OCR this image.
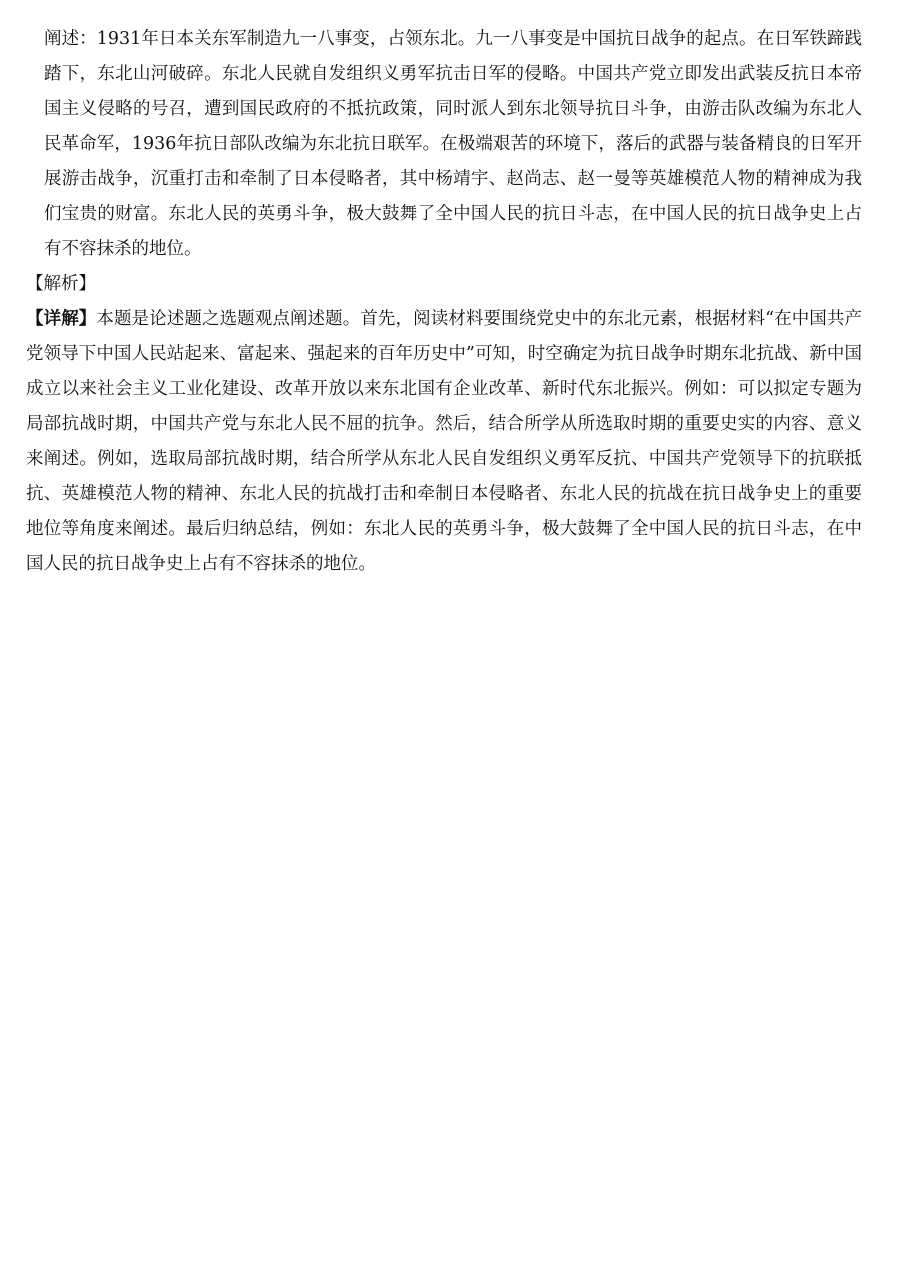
阐述：1931年日本关东军制造九一八事变，占领东北。九一八事变是中国抗日战争的起点。在日军铁蹄践踏下，东北山河破碎。东北人民就自发组织义勇军抗击日军的侵略。中国共产党立即发出武装反抗日本帝国主义侵略的号召，遭到国民政府的不抵抗政策，同时派人到东北领导抗日斗争，由游击队改编为东北人民革命军，1936年抗日部队改编为东北抗日联军。在极端艰苦的环境下，落后的武器与装备精良的日军开展游击战争，沉重打击和牵制了日本侵略者，其中杨靖宇、赵尚志、赵一曼等英雄模范人物的精神成为我们宝贵的财富。东北人民的英勇斗争，极大鼓舞了全中国人民的抗日斗志，在中国人民的抗日战争史上占有不容抹杀的地位。

【解析】

【详解】本题是论述题之选题观点阐述题。首先，阅读材料要围绕党史中的东北元素，根据材料“在中国共产党领导下中国人民站起来、富起来、强起来的百年历史中”可知，时空确定为抗日战争时期东北抗战、新中国成立以来社会主义工业化建设、改革开放以来东北国有企业改革、新时代东北振兴。例如：可以拟定专题为局部抗战时期，中国共产党与东北人民不屈的抗争。然后，结合所学从所选取时期的重要史实的内容、意义来阐述。例如，选取局部抗战时期，结合所学从东北人民自发组织义勇军反抗、中国共产党领导下的抗联抵抗、英雄模范人物的精神、东北人民的抗战打击和牵制日本侵略者、东北人民的抗战在抗日战争史上的重要地位等角度来阐述。最后归纳总结，例如：东北人民的英勇斗争，极大鼓舞了全中国人民的抗日斗志，在中国人民的抗日战争史上占有不容抹杀的地位。
